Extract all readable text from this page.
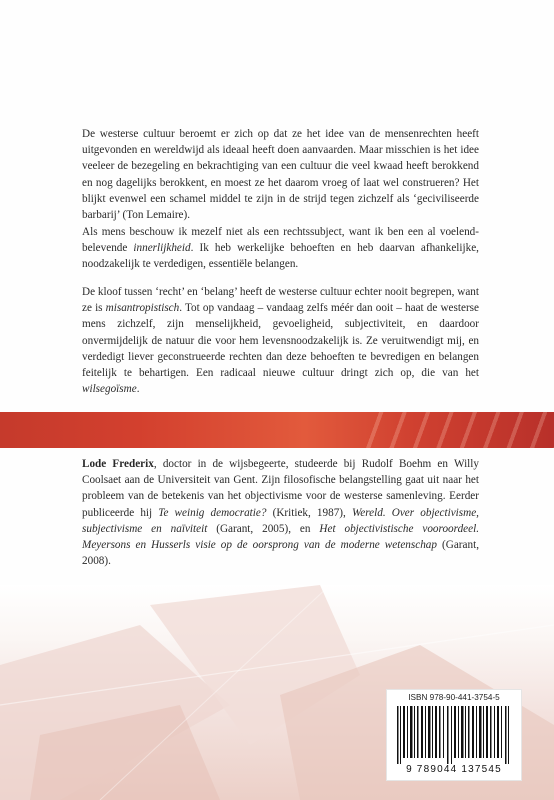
De westerse cultuur beroemt er zich op dat ze het idee van de mensenrechten heeft uitgevonden en wereldwijd als ideaal heeft doen aanvaarden. Maar misschien is het idee veeleer de bezegeling en bekrachtiging van een cultuur die veel kwaad heeft berokkend en nog dagelijks berokkent, en moest ze het daarom vroeg of laat wel construeren? Het blijkt evenwel een schamel middel te zijn in de strijd tegen zichzelf als ‘geciviliseerde barbarij’ (Ton Lemaire).

Als mens beschouw ik mezelf niet als een rechtssubject, want ik ben een al voelend-belevende innerlijkheid. Ik heb werkelijke behoeften en heb daarvan afhankelijke, noodzakelijk te verdedigen, essentiële belangen.

De kloof tussen ‘recht’ en ‘belang’ heeft de westerse cultuur echter nooit begrepen, want ze is misantropistisch. Tot op vandaag – vandaag zelfs méér dan ooit – haat de westerse mens zichzelf, zijn menselijkheid, gevoeligheid, subjectiviteit, en daardoor onvermijdelijk de natuur die voor hem levensnoodzakelijk is. Ze veruitwendigt mij, en verdedigt liever geconstrueerde rechten dan deze behoeften te bevredigen en belangen feitelijk te behartigen. Een radicaal nieuwe cultuur dringt zich op, die van het wilsegoïsme.

Lode Frederix, doctor in de wijsbegeerte, studeerde bij Rudolf Boehm en Willy Coolsaet aan de Universiteit van Gent. Zijn filosofische belangstelling gaat uit naar het probleem van de betekenis van het objectivisme voor de westerse samenleving. Eerder publiceerde hij Te weinig democratie? (Kritiek, 1987), Wereld. Over objectivisme, subjectivisme en naïviteit (Garant, 2005), en Het objectivistische vooroordeel. Meyersons en Husserls visie op de oorsprong van de moderne wetenschap (Garant, 2008).

ISBN 978-90-441-3754-5
9 789044 137545
